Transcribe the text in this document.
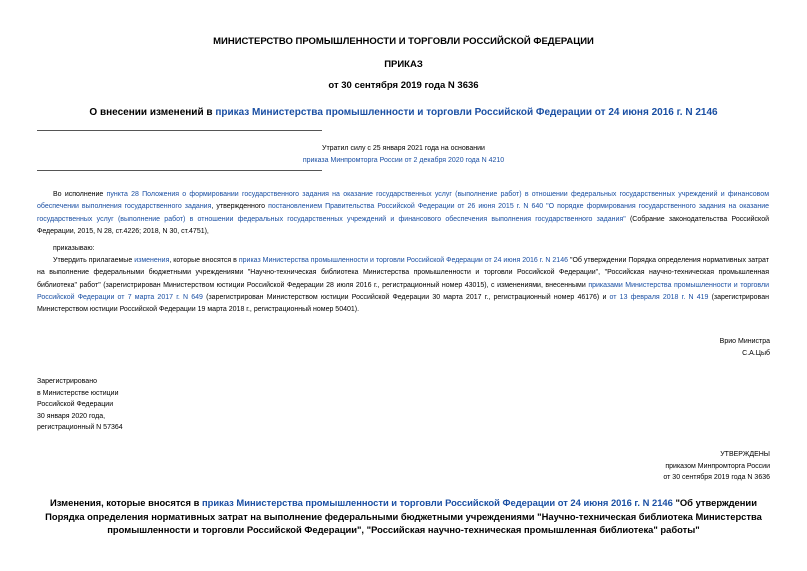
МИНИСТЕРСТВО ПРОМЫШЛЕННОСТИ И ТОРГОВЛИ РОССИЙСКОЙ ФЕДЕРАЦИИ
ПРИКАЗ
от 30 сентября 2019 года N 3636
О внесении изменений в приказ Министерства промышленности и торговли Российской Федерации от 24 июня 2016 г. N 2146
Утратил силу с 25 января 2021 года на основании
приказа Минпромторга России от 2 декабря 2020 года N 4210
Во исполнение пункта 28 Положения о формировании государственного задания на оказание государственных услуг (выполнение работ) в отношении федеральных государственных учреждений и финансовом обеспечении выполнения государственного задания, утвержденного постановлением Правительства Российской Федерации от 26 июня 2015 г. N 640 "О порядке формирования государственного задания на оказание государственных услуг (выполнение работ) в отношении федеральных государственных учреждений и финансового обеспечения выполнения государственного задания" (Собрание законодательства Российской Федерации, 2015, N 28, ст.4226; 2018, N 30, ст.4751),
приказываю:
Утвердить прилагаемые изменения, которые вносятся в приказ Министерства промышленности и торговли Российской Федерации от 24 июня 2016 г. N 2146 "Об утверждении Порядка определения нормативных затрат на выполнение федеральными бюджетными учреждениями "Научно-техническая библиотека Министерства промышленности и торговли Российской Федерации", "Российская научно-техническая промышленная библиотека" работ" (зарегистрирован Министерством юстиции Российской Федерации 28 июля 2016 г., регистрационный номер 43015), с изменениями, внесенными приказами Министерства промышленности и торговли Российской Федерации от 7 марта 2017 г. N 649 (зарегистрирован Министерством юстиции Российской Федерации 30 марта 2017 г., регистрационный номер 46176) и от 13 февраля 2018 г. N 419 (зарегистрирован Министерством юстиции Российской Федерации 19 марта 2018 г., регистрационный номер 50401).
Врио Министра
С.А.Цыб
Зарегистрировано
в Министерстве юстиции
Российской Федерации
30 января 2020 года,
регистрационный N 57364
УТВЕРЖДЕНЫ
приказом Минпромторга России
от 30 сентября 2019 года N 3636
Изменения, которые вносятся в приказ Министерства промышленности и торговли Российской Федерации от 24 июня 2016 г. N 2146 "Об утверждении Порядка определения нормативных затрат на выполнение федеральными бюджетными учреждениями "Научно-техническая библиотека Министерства промышленности и торговли Российской Федерации", "Российская научно-техническая промышленная библиотека" работы"
